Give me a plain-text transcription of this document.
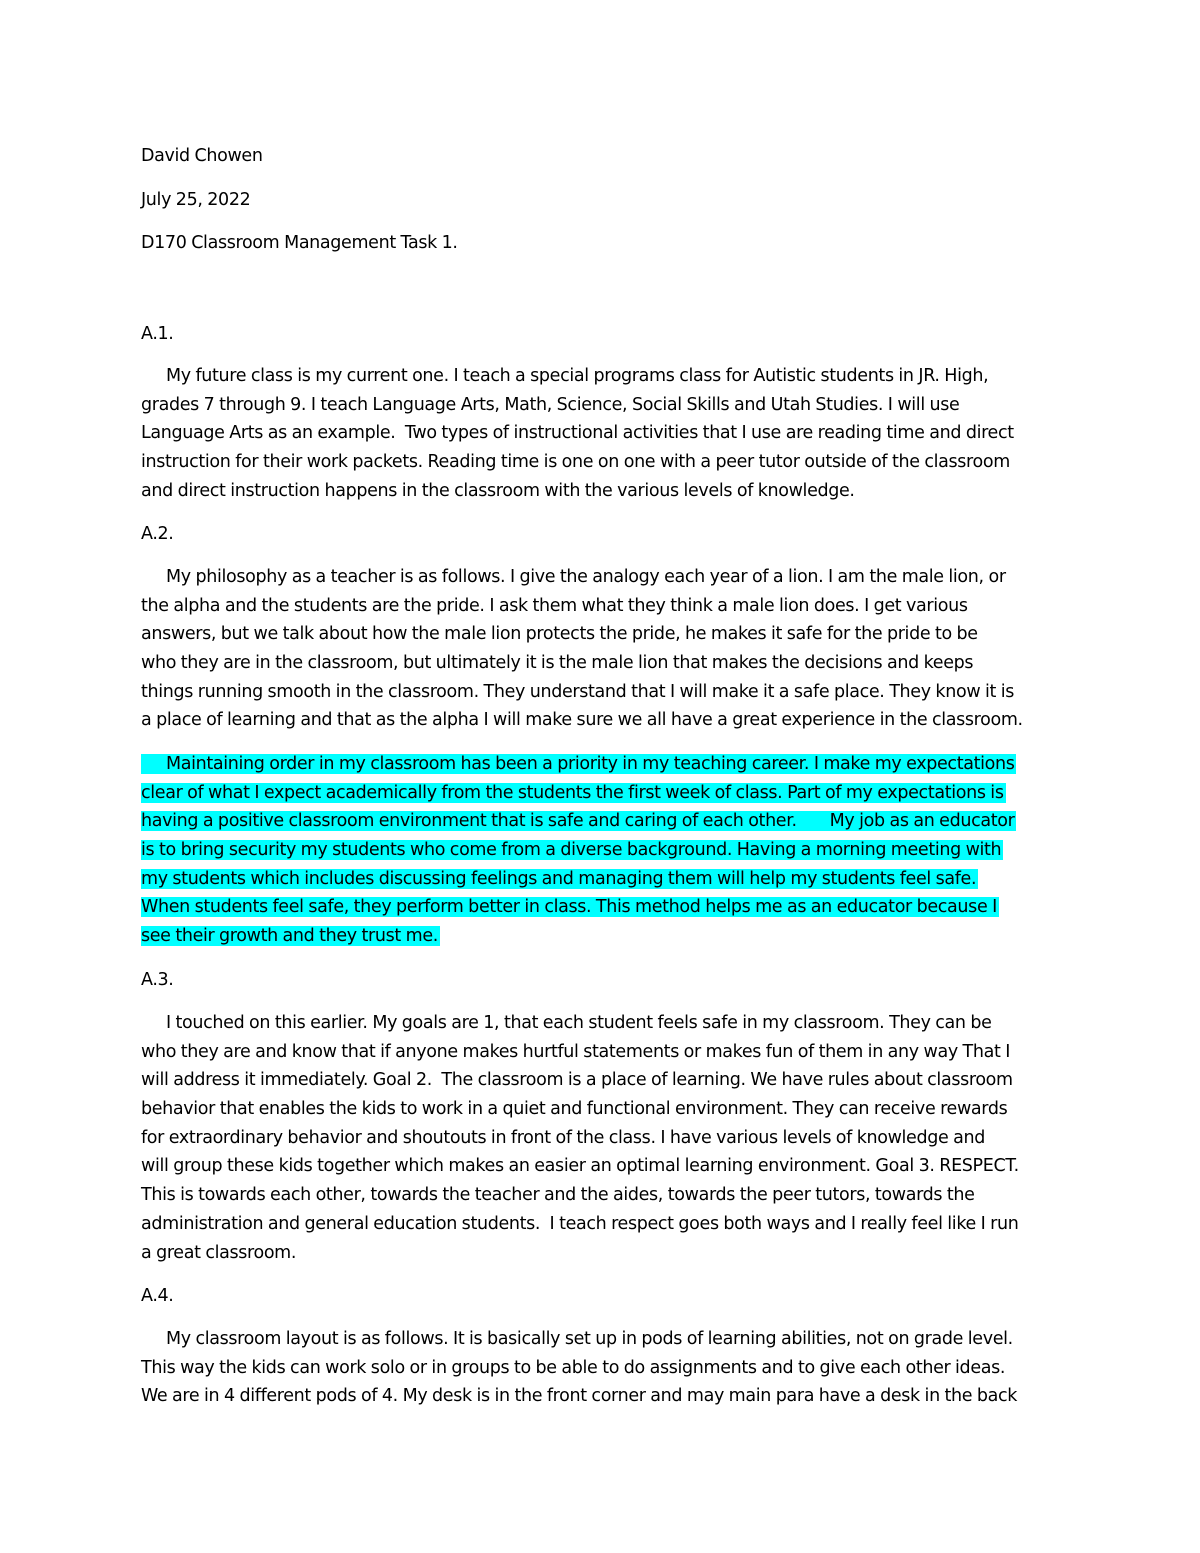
David Chowen
July 25, 2022
D170 Classroom Management Task 1.
A.1.
My future class is my current one. I teach a special programs class for Autistic students in JR. High,
grades 7 through 9. I teach Language Arts, Math, Science, Social Skills and Utah Studies. I will use
Language Arts as an example.  Two types of instructional activities that I use are reading time and direct
instruction for their work packets. Reading time is one on one with a peer tutor outside of the classroom
and direct instruction happens in the classroom with the various levels of knowledge.
A.2.
My philosophy as a teacher is as follows. I give the analogy each year of a lion. I am the male lion, or
the alpha and the students are the pride. I ask them what they think a male lion does. I get various
answers, but we talk about how the male lion protects the pride, he makes it safe for the pride to be
who they are in the classroom, but ultimately it is the male lion that makes the decisions and keeps
things running smooth in the classroom. They understand that I will make it a safe place. They know it is
a place of learning and that as the alpha I will make sure we all have a great experience in the classroom.
Maintaining order in my classroom has been a priority in my teaching career. I make my expectations
clear of what I expect academically from the students the first week of class. Part of my expectations is
having a positive classroom environment that is safe and caring of each other.       My job as an educator
is to bring security my students who come from a diverse background. Having a morning meeting with
my students which includes discussing feelings and managing them will help my students feel safe.
When students feel safe, they perform better in class. This method helps me as an educator because I
see their growth and they trust me.
A.3.
I touched on this earlier. My goals are 1, that each student feels safe in my classroom. They can be
who they are and know that if anyone makes hurtful statements or makes fun of them in any way That I
will address it immediately. Goal 2.  The classroom is a place of learning. We have rules about classroom
behavior that enables the kids to work in a quiet and functional environment. They can receive rewards
for extraordinary behavior and shoutouts in front of the class. I have various levels of knowledge and
will group these kids together which makes an easier an optimal learning environment. Goal 3. RESPECT.
This is towards each other, towards the teacher and the aides, towards the peer tutors, towards the
administration and general education students.  I teach respect goes both ways and I really feel like I run
a great classroom.
A.4.
My classroom layout is as follows. It is basically set up in pods of learning abilities, not on grade level.
This way the kids can work solo or in groups to be able to do assignments and to give each other ideas.
We are in 4 different pods of 4. My desk is in the front corner and may main para have a desk in the back
